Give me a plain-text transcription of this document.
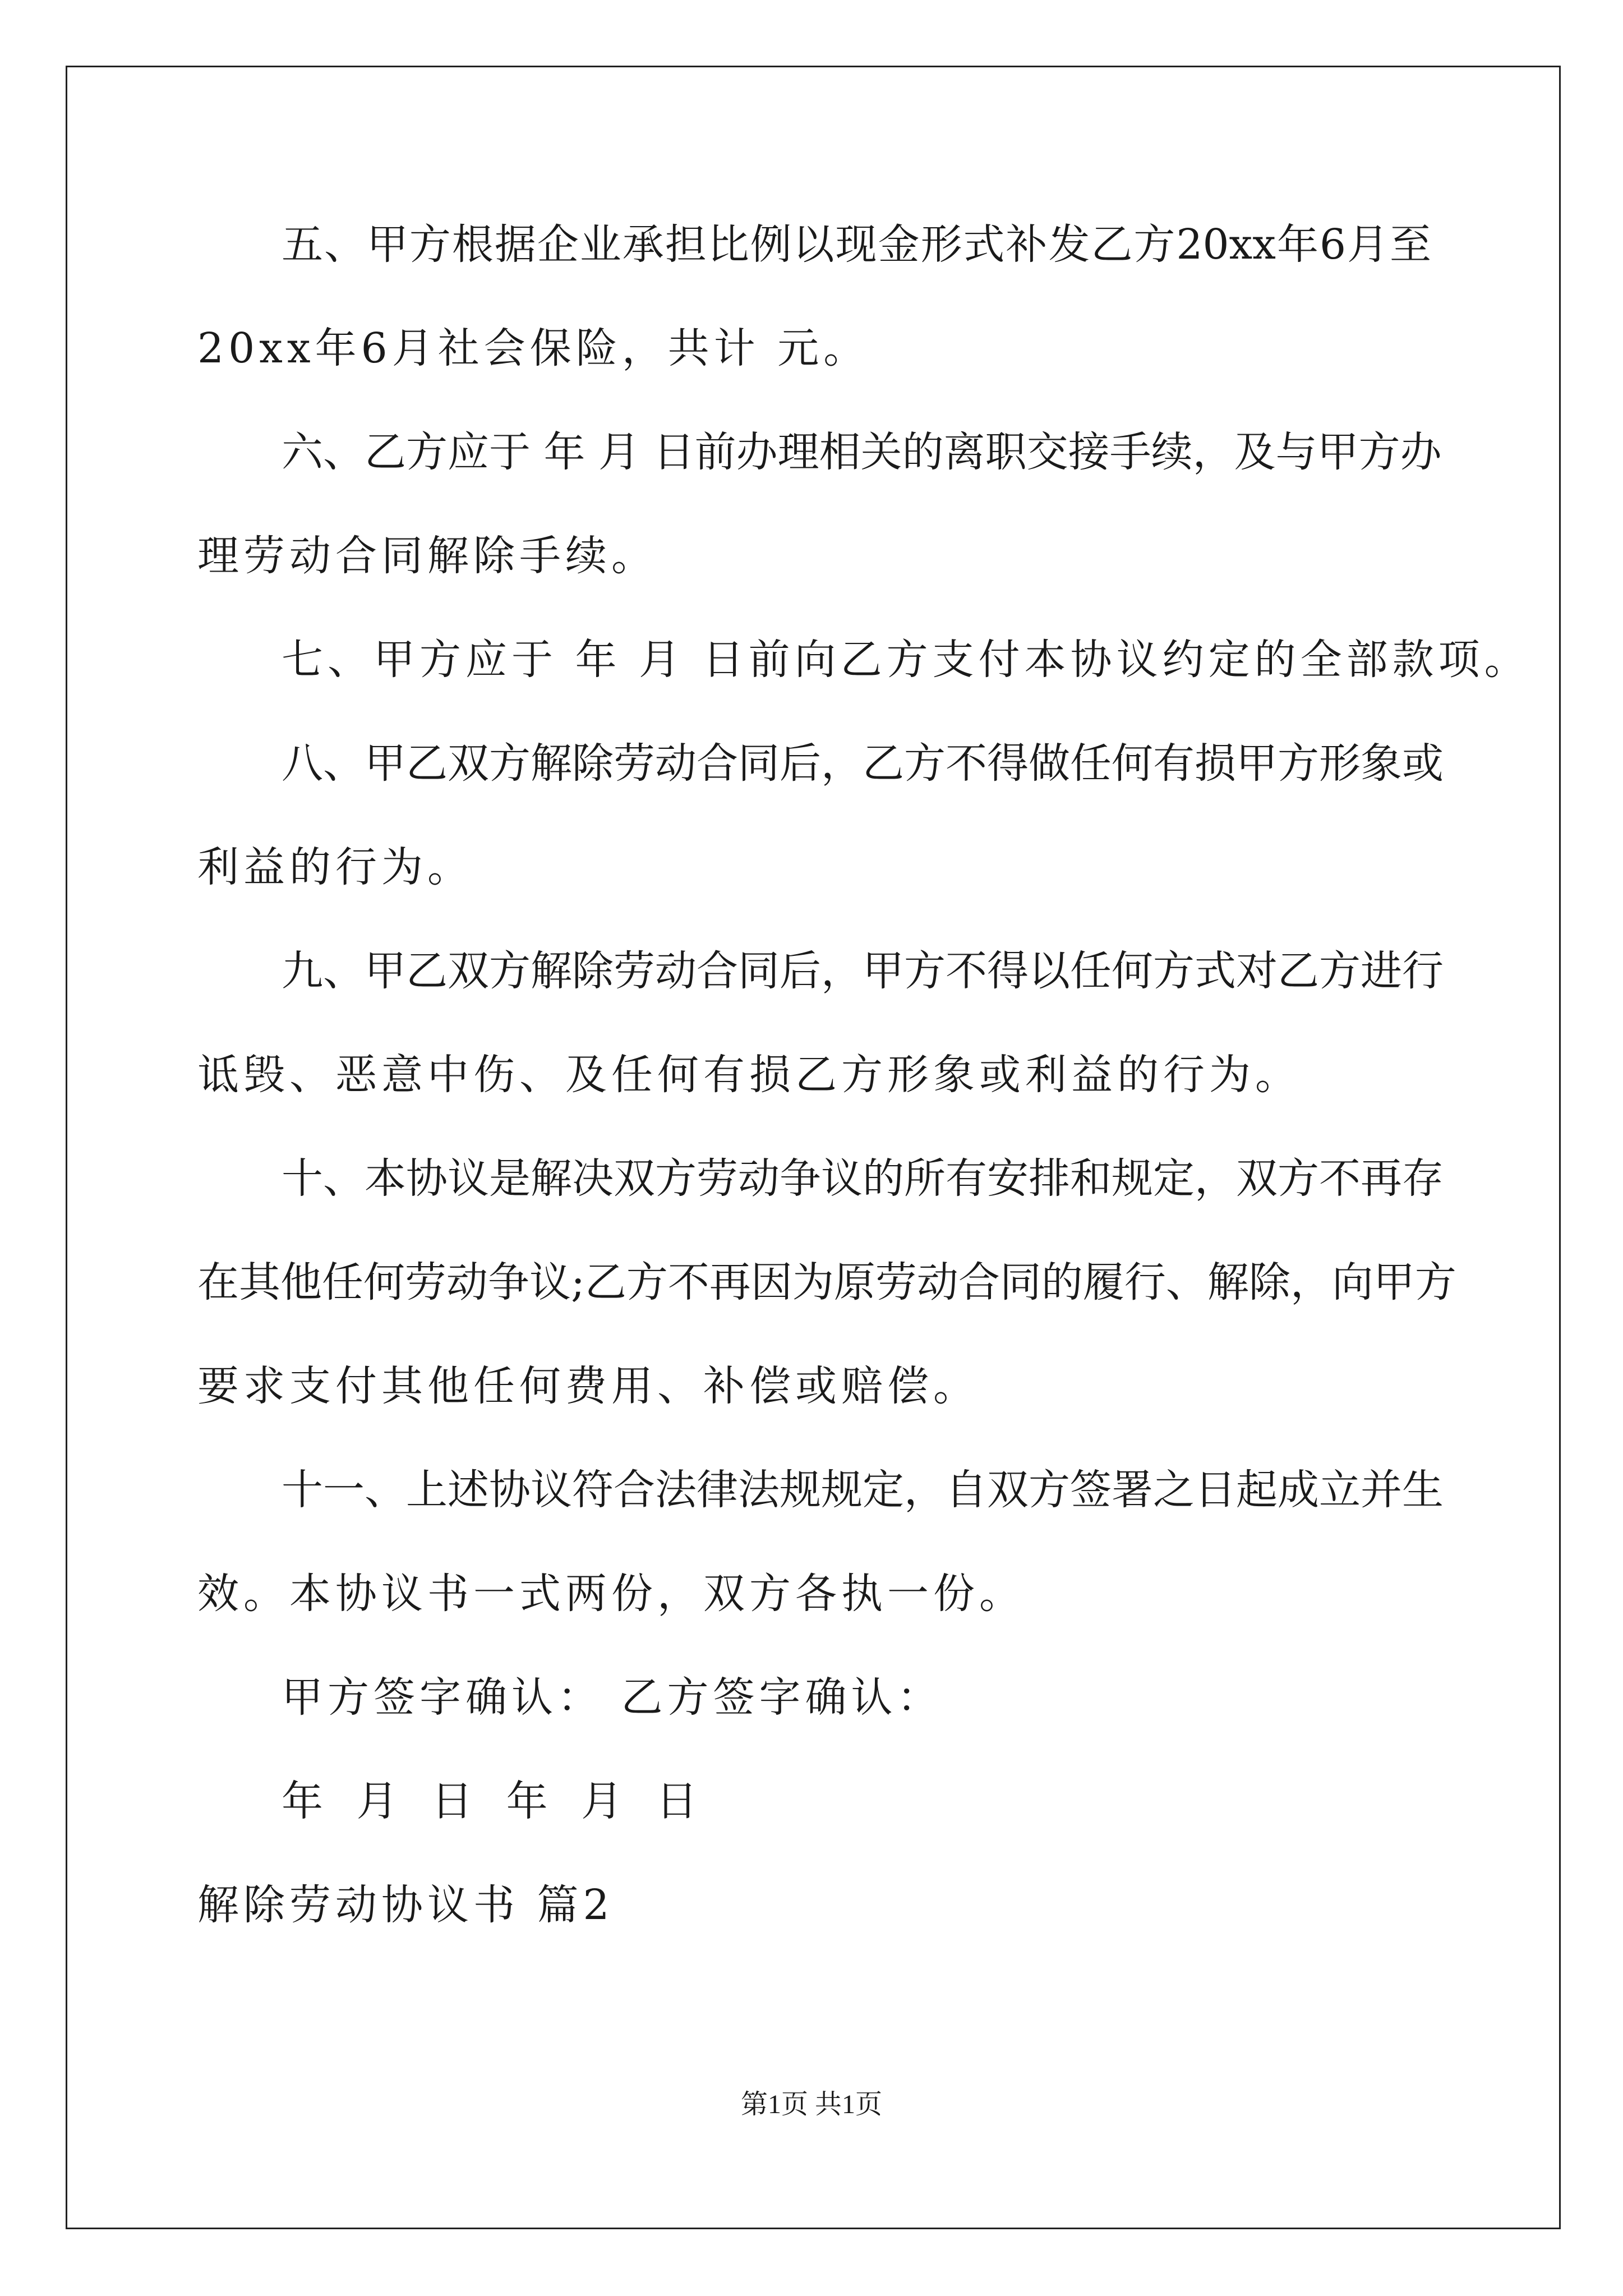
五、甲方根据企业承担比例以现金形式补发乙方20xx年6月至
20xx年6月社会保险，共计 元。
六、乙方应于 年 月 日前办理相关的离职交接手续，及与甲方办
理劳动合同解除手续。
七、甲方应于 年 月 日前向乙方支付本协议约定的全部款项。
八、甲乙双方解除劳动合同后，乙方不得做任何有损甲方形象或
利益的行为。
九、甲乙双方解除劳动合同后，甲方不得以任何方式对乙方进行
诋毁、恶意中伤、及任何有损乙方形象或利益的行为。
十、本协议是解决双方劳动争议的所有安排和规定，双方不再存
在其他任何劳动争议;乙方不再因为原劳动合同的履行、解除，向甲方
要求支付其他任何费用、补偿或赔偿。
十一、上述协议符合法律法规规定，自双方签署之日起成立并生
效。本协议书一式两份，双方各执一份。
甲方签字确认： 乙方签字确认：
年 月 日 年 月 日
解除劳动协议书 篇2
第1页 共1页
